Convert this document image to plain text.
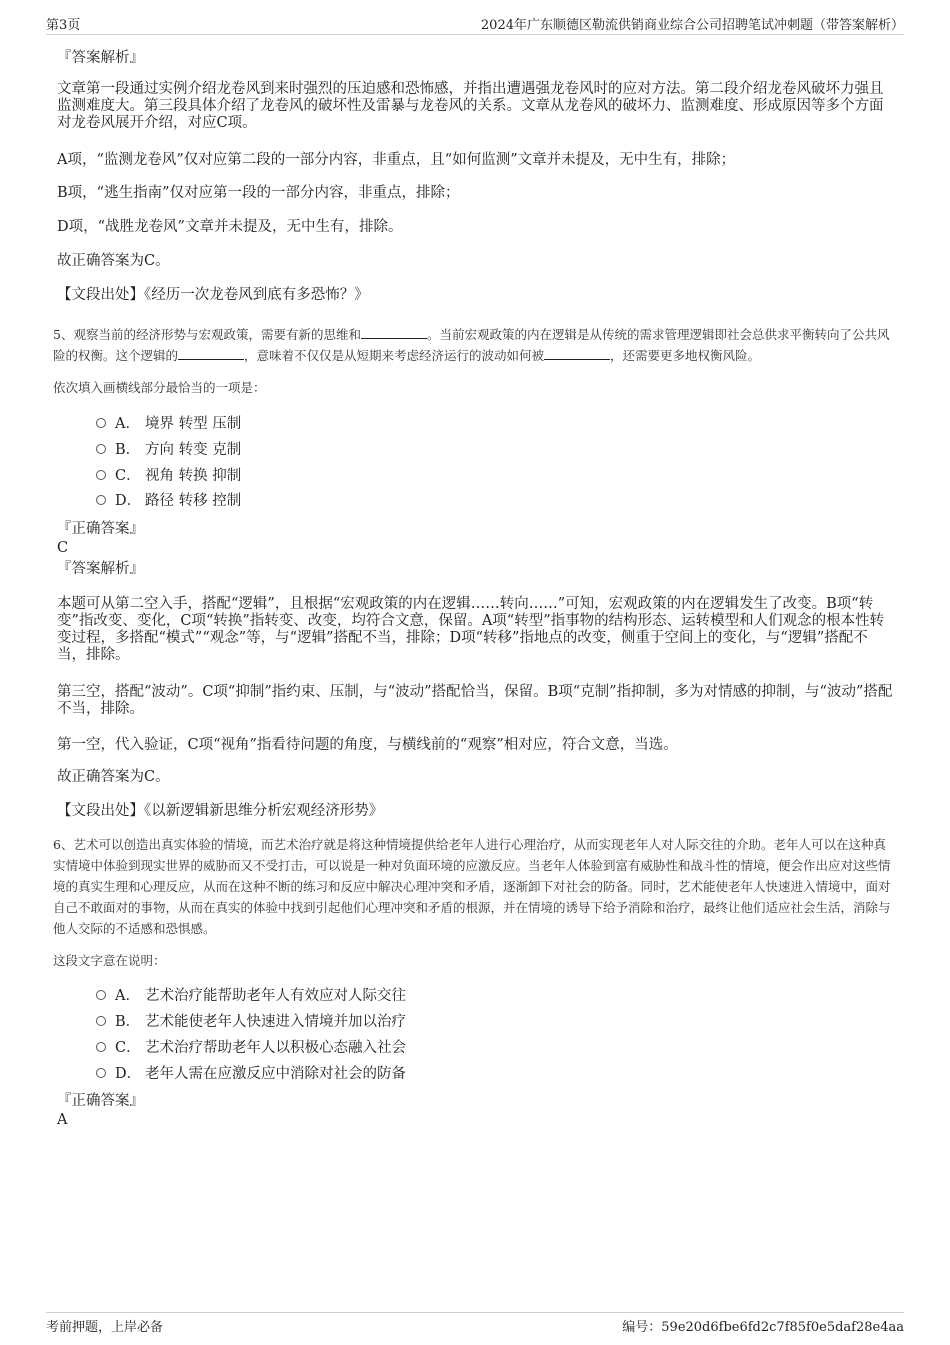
第3页	2024年广东顺德区勒流供销商业综合公司招聘笔试冲刺题（带答案解析）
『答案解析』
文章第一段通过实例介绍龙卷风到来时强烈的压迫感和恐怖感，并指出遭遇强龙卷风时的应对方法。第二段介绍龙卷风破坏力强且监测难度大。第三段具体介绍了龙卷风的破坏性及雷暴与龙卷风的关系。文章从龙卷风的破坏力、监测难度、形成原因等多个方面对龙卷风展开介绍，对应C项。
A项，“监测龙卷风”仅对应第二段的一部分内容，非重点，且“如何监测”文章并未提及，无中生有，排除；
B项，“逃生指南”仅对应第一段的一部分内容，非重点，排除；
D项，“战胜龙卷风”文章并未提及，无中生有，排除。
故正确答案为C。
【文段出处】《经历一次龙卷风到底有多恐怖？》
5、观察当前的经济形势与宏观政策，需要有新的思维和	。当前宏观政策的内在逻辑是从传统的需求管理逻辑即社会总供求平衡转向了公共风险的权衡。这个逻辑的	，意味着不仅仅是从短期来考虑经济运行的波动如何被	，还需要更多地权衡风险。
依次填入画横线部分最恰当的一项是：
A． 境界 转型 压制
B． 方向 转变 克制
C． 视角 转换 抑制
D． 路径 转移 控制
『正确答案』
C
『答案解析』
本题可从第二空入手，搭配“逻辑”，且根据“宏观政策的内在逻辑……转向……”可知，宏观政策的内在逻辑发生了改变。B项“转变”指改变、变化，C项“转换”指转变、改变，均符合文意，保留。A项“转型”指事物的结构形态、运转模型和人们观念的根本性转变过程，多搭配“模式”“观念”等，与“逻辑”搭配不当，排除；D项“转移”指地点的改变，侧重于空间上的变化，与“逻辑”搭配不当，排除。
第三空，搭配“波动”。C项“抑制”指约束、压制，与“波动”搭配恰当，保留。B项“克制”指抑制，多为对情感的抑制，与“波动”搭配不当，排除。
第一空，代入验证，C项“视角”指看待问题的角度，与横线前的“观察”相对应，符合文意，当选。
故正确答案为C。
【文段出处】《以新逻辑新思维分析宏观经济形势》
6、艺术可以创造出真实体验的情境，而艺术治疗就是将这种情境提供给老年人进行心理治疗，从而实现老年人对人际交往的介助。老年人可以在这种真实情境中体验到现实世界的威胁而又不受打击，可以说是一种对负面环境的应激反应。当老年人体验到富有威胁性和战斗性的情境，便会作出应对这些情境的真实生理和心理反应，从而在这种不断的练习和反应中解决心理冲突和矛盾，逐渐卸下对社会的防备。同时，艺术能使老年人快速进入情境中，面对自己不敢面对的事物，从而在真实的体验中找到引起他们心理冲突和矛盾的根源，并在情境的诱导下给予消除和治疗，最终让他们适应社会生活，消除与他人交际的不适感和恐惧感。
这段文字意在说明：
A． 艺术治疗能帮助老年人有效应对人际交往
B． 艺术能使老年人快速进入情境并加以治疗
C． 艺术治疗帮助老年人以积极心态融入社会
D． 老年人需在应激反应中消除对社会的防备
『正确答案』
A
考前押题，上岸必备	编号：59e20d6fbe6fd2c7f85f0e5daf28e4aa
